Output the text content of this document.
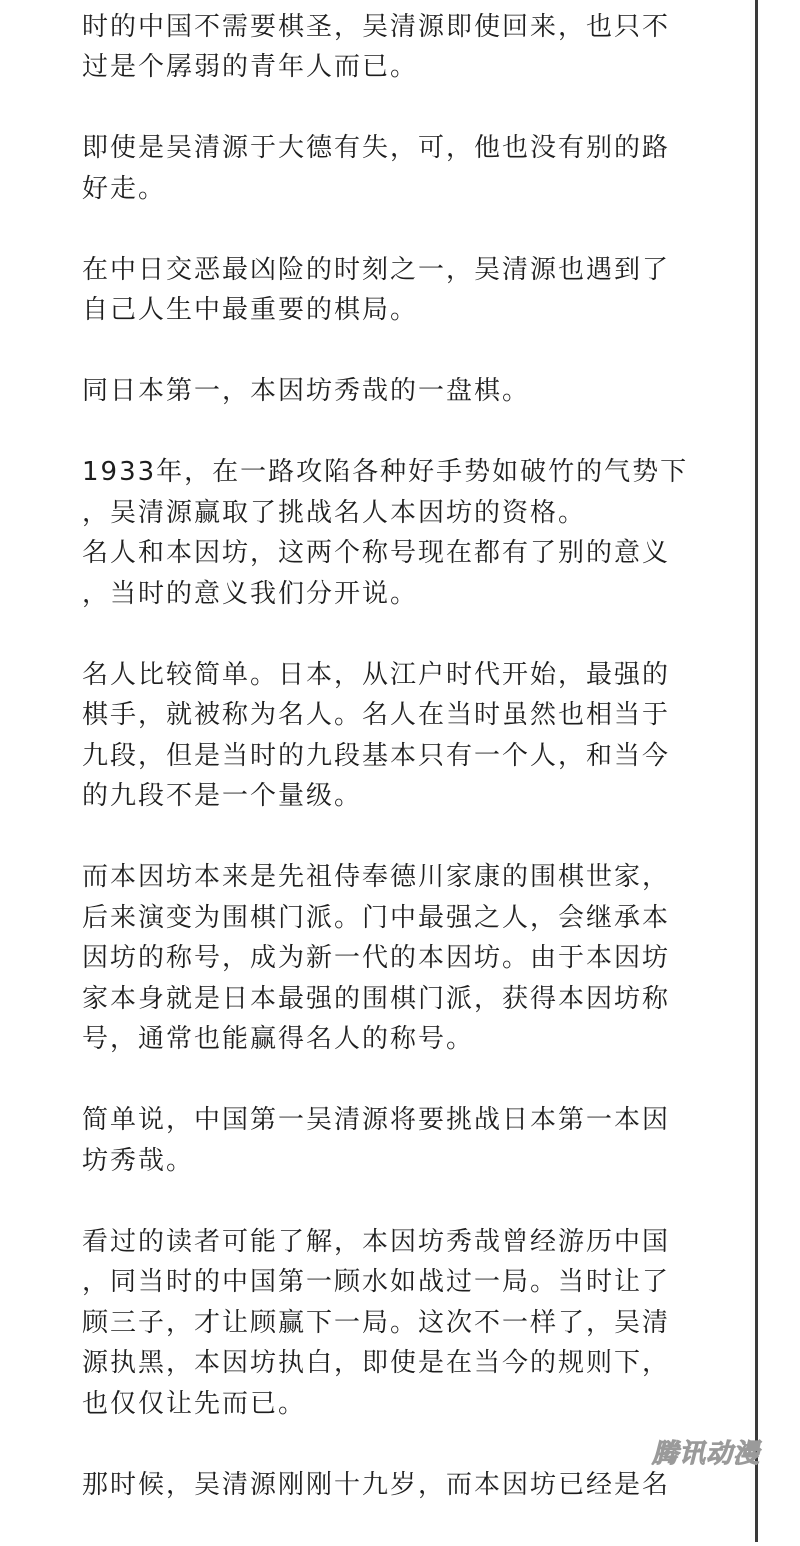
时的中国不需要棋圣，吴清源即使回来，也只不
过是个孱弱的青年人而已。
即使是吴清源于大德有失，可，他也没有别的路
好走。
在中日交恶最凶险的时刻之一，吴清源也遇到了
自己人生中最重要的棋局。
同日本第一，本因坊秀哉的一盘棋。
1933年，在一路攻陷各种好手势如破竹的气势下
，吴清源赢取了挑战名人本因坊的资格。
名人和本因坊，这两个称号现在都有了别的意义
，当时的意义我们分开说。
名人比较简单。日本，从江户时代开始，最强的
棋手，就被称为名人。名人在当时虽然也相当于
九段，但是当时的九段基本只有一个人，和当今
的九段不是一个量级。
而本因坊本来是先祖侍奉德川家康的围棋世家，
后来演变为围棋门派。门中最强之人，会继承本
因坊的称号，成为新一代的本因坊。由于本因坊
家本身就是日本最强的围棋门派，获得本因坊称
号，通常也能赢得名人的称号。
简单说，中国第一吴清源将要挑战日本第一本因
坊秀哉。
看过的读者可能了解，本因坊秀哉曾经游历中国
，同当时的中国第一顾水如战过一局。当时让了
顾三子，才让顾赢下一局。这次不一样了，吴清
源执黑，本因坊执白，即使是在当今的规则下，
也仅仅让先而已。
那时候，吴清源刚刚十九岁，而本因坊已经是名
腾讯动漫
